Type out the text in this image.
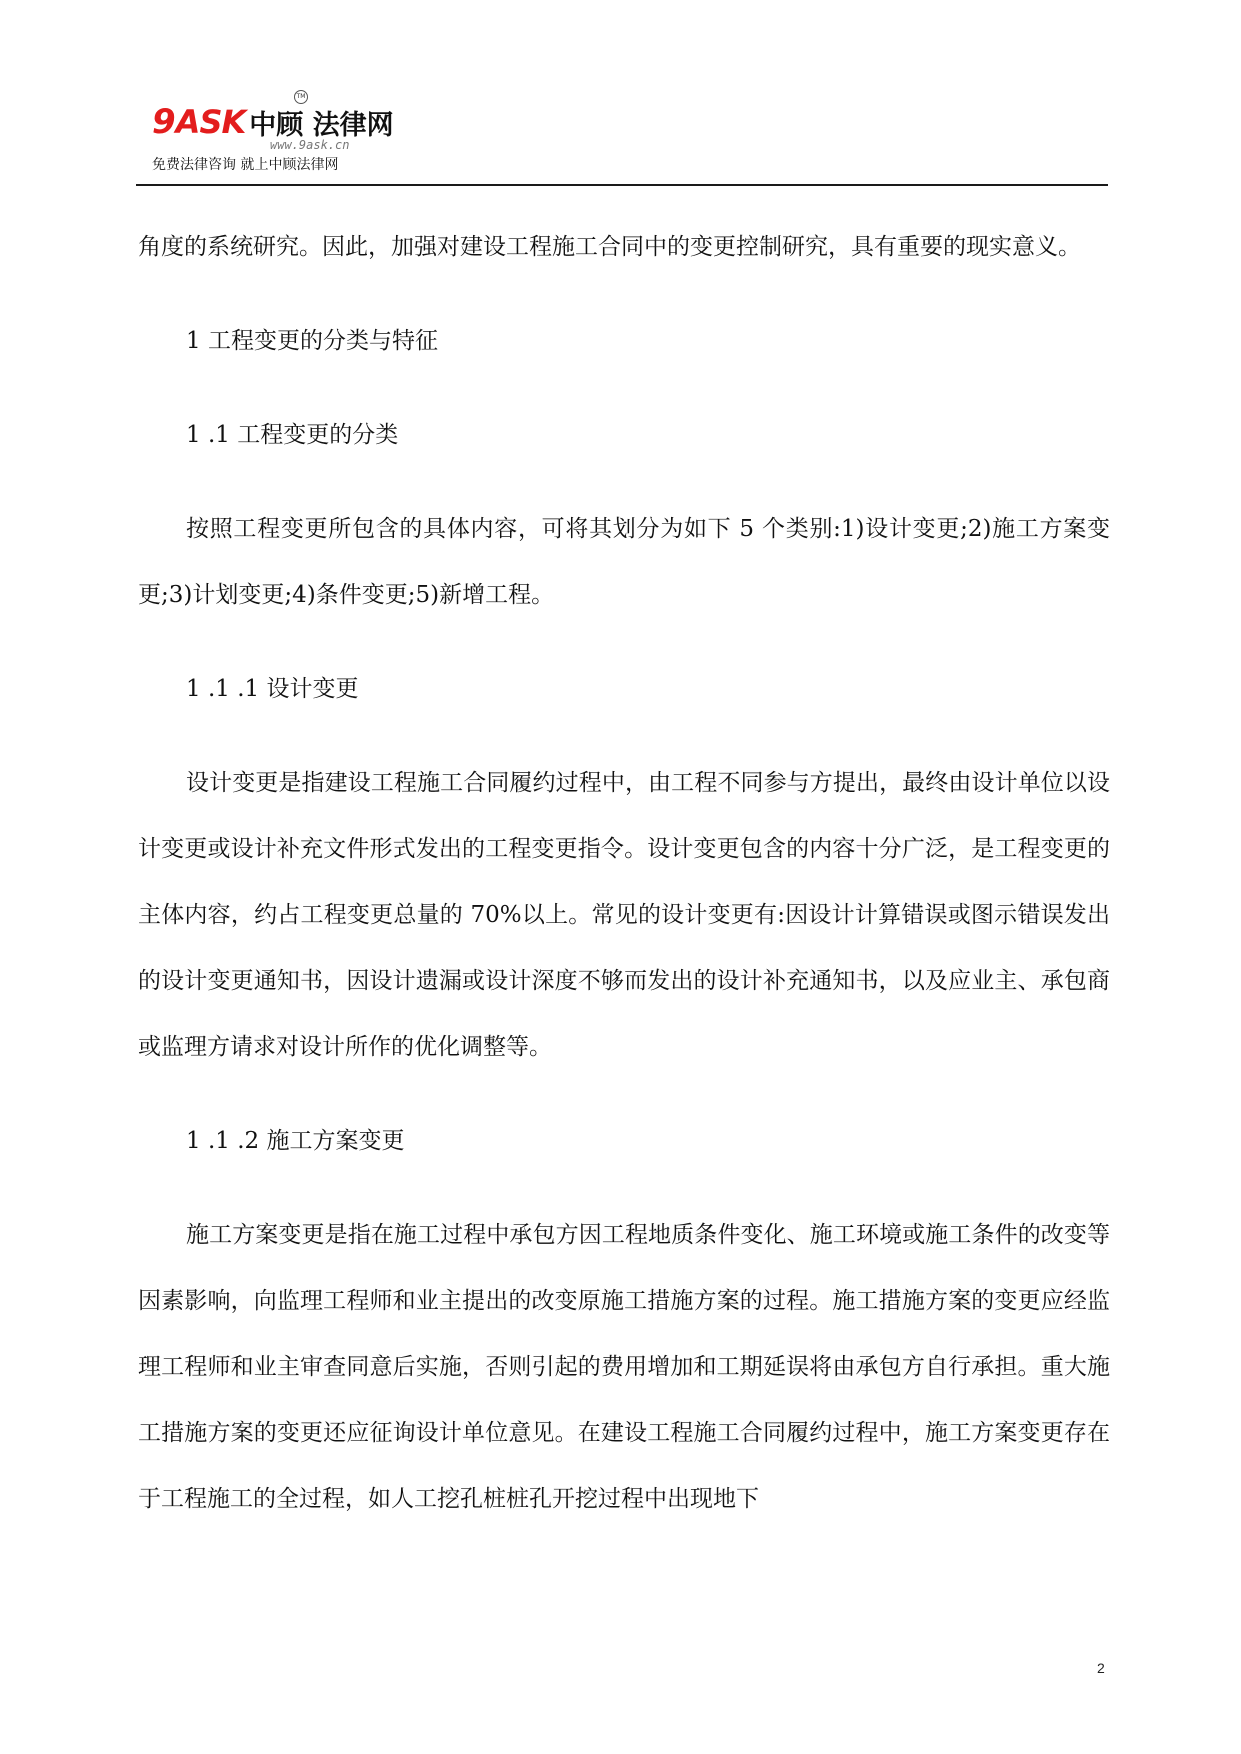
9ASK 中顾 法律网
TM
www.9ask.cn
免费法律咨询 就上中顾法律网

角度的系统研究。因此，加强对建设工程施工合同中的变更控制研究，具有重要的现实意义。

1 工程变更的分类与特征

1 .1 工程变更的分类

按照工程变更所包含的具体内容，可将其划分为如下 5 个类别:1)设计变更;2)施工方案变更;3)计划变更;4)条件变更;5)新增工程。

1 .1 .1 设计变更

设计变更是指建设工程施工合同履约过程中，由工程不同参与方提出，最终由设计单位以设计变更或设计补充文件形式发出的工程变更指令。设计变更包含的内容十分广泛，是工程变更的主体内容，约占工程变更总量的 70%以上。常见的设计变更有:因设计计算错误或图示错误发出的设计变更通知书，因设计遗漏或设计深度不够而发出的设计补充通知书，以及应业主、承包商或监理方请求对设计所作的优化调整等。

1 .1 .2 施工方案变更

施工方案变更是指在施工过程中承包方因工程地质条件变化、施工环境或施工条件的改变等因素影响，向监理工程师和业主提出的改变原施工措施方案的过程。施工措施方案的变更应经监理工程师和业主审查同意后实施，否则引起的费用增加和工期延误将由承包方自行承担。重大施工措施方案的变更还应征询设计单位意见。在建设工程施工合同履约过程中，施工方案变更存在于工程施工的全过程，如人工挖孔桩桩孔开挖过程中出现地下

2
